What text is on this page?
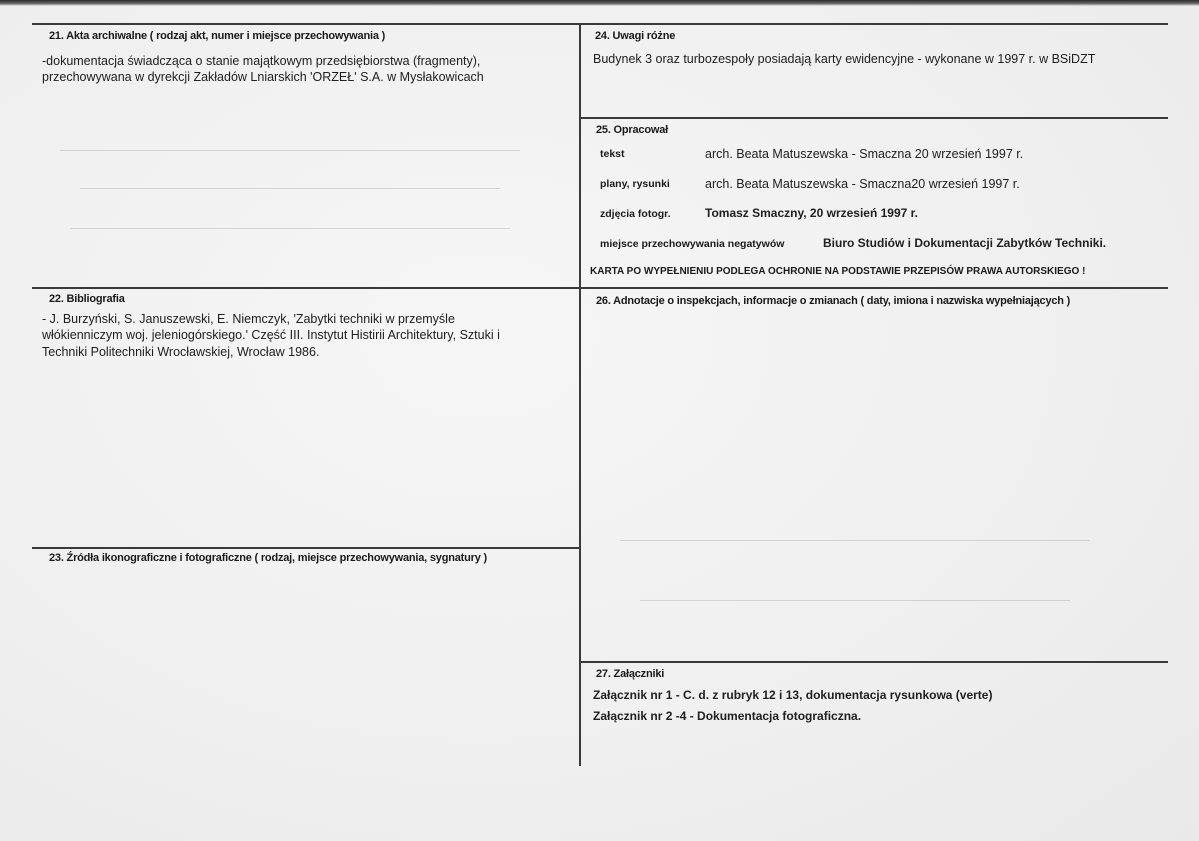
21. Akta archiwalne ( rodzaj akt, numer i miejsce przechowywania )
-dokumentacja świadcząca o stanie majątkowym przedsiębiorstwa (fragmenty),
przechowywana w dyrekcji Zakładów Lniarskich 'ORZEŁ' S.A. w Mysłakowicach
22. Bibliografia
- J. Burzyński, S. Januszewski, E. Niemczyk, 'Zabytki techniki w przemyśle
włókienniczym woj. jeleniogórskiego.' Część III. Instytut Histirii Architektury, Sztuki i
Techniki Politechniki Wrocławskiej, Wrocław 1986.
23. Źródła ikonograficzne i fotograficzne ( rodzaj, miejsce przechowywania, sygnatury )
24. Uwagi różne
Budynek 3 oraz turbozespoły posiadają karty ewidencyjne - wykonane w 1997 r. w BSiDZT
25. Opracował
tekst	arch. Beata Matuszewska - Smaczna 20 wrzesień 1997 r.
plany, rysunki	arch. Beata Matuszewska - Smaczna20 wrzesień 1997 r.
zdjęcia fotogr.	Tomasz Smaczny, 20 wrzesień 1997 r.
miejsce przechowywania negatywów	Biuro Studiów i Dokumentacji Zabytków Techniki.
KARTA PO WYPEŁNIENIU PODLEGA OCHRONIE NA PODSTAWIE PRZEPISÓW PRAWA AUTORSKIEGO !
26. Adnotacje o inspekcjach, informacje o zmianach ( daty, imiona i nazwiska wypełniających )
27. Załączniki
Załącznik nr 1 - C. d. z rubryk 12 i 13, dokumentacja rysunkowa (verte)
Załącznik nr 2 -4 - Dokumentacja fotograficzna.
